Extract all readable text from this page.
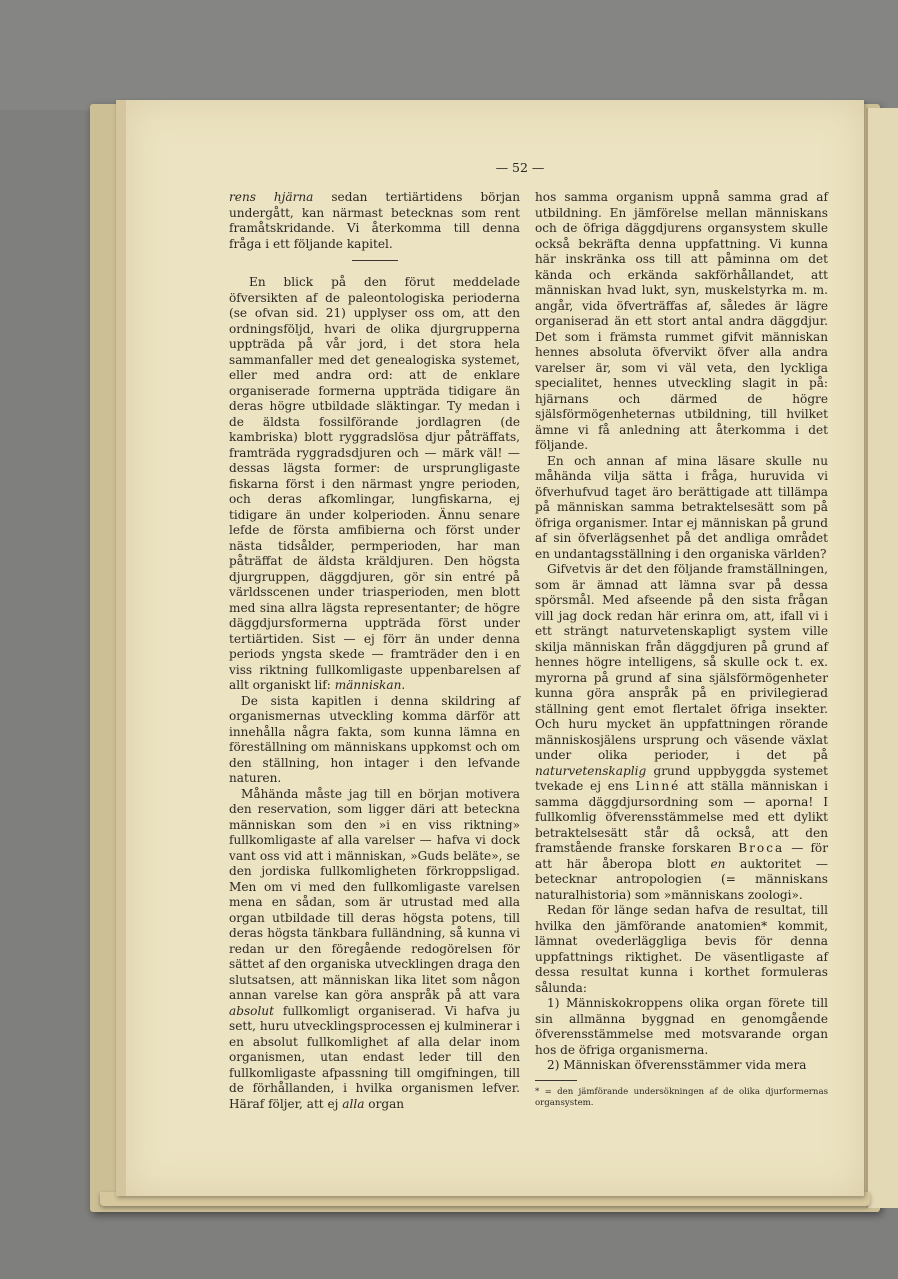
— 52 —

rens hjärna sedan tertiärtidens början undergått, kan närmast betecknas som rent framåtskridande. Vi återkomma till denna fråga i ett följande kapitel.

En blick på den förut meddelade öfversikten af de paleontologiska perioderna (se ofvan sid. 21) upplyser oss om, att den ordningsföljd, hvari de olika djurgrupperna uppträda på vår jord, i det stora hela sammanfaller med det genealogiska systemet, eller med andra ord: att de enklare organiserade formerna uppträda tidigare än deras högre utbildade släktingar. Ty medan i de äldsta fossilförande jordlagren (de kambriska) blott ryggradslösa djur påträffats, framträda ryggradsdjuren och — märk väl! — dessas lägsta former: de ursprungligaste fiskarna först i den närmast yngre perioden, och deras afkomlingar, lungfiskarna, ej tidigare än under kolperioden. Ännu senare lefde de första amfibierna och först under nästa tidsålder, permperioden, har man påträffat de äldsta kräldjuren. Den högsta djurgruppen, däggdjuren, gör sin entré på världsscenen under triasperioden, men blott med sina allra lägsta representanter; de högre däggdjursformerna uppträda först under tertiärtiden. Sist — ej förr än under denna periods yngsta skede — framträder den i en viss riktning fullkomligaste uppenbarelsen af allt organiskt lif: människan.

De sista kapitlen i denna skildring af organismernas utveckling komma därför att innehålla några fakta, som kunna lämna en föreställning om människans uppkomst och om den ställning, hon intager i den lefvande naturen.

Måhända måste jag till en början motivera den reservation, som ligger däri att beteckna människan som den »i en viss riktning» fullkomligaste af alla varelser — hafva vi dock vant oss vid att i människan, »Guds beläte», se den jordiska fullkomligheten förkroppsligad. Men om vi med den fullkomligaste varelsen mena en sådan, som är utrustad med alla organ utbildade till deras högsta potens, till deras högsta tänkbara fulländning, så kunna vi redan ur den föregående redogörelsen för sättet af den organiska utvecklingen draga den slutsatsen, att människan lika litet som någon annan varelse kan göra anspråk på att vara absolut fullkomligt organiserad. Vi hafva ju sett, huru utvecklingsprocessen ej kulminerar i en absolut fullkomlighet af alla delar inom organismen, utan endast leder till den fullkomligaste afpassning till omgifningen, till de förhållanden, i hvilka organismen lefver. Häraf följer, att ej alla organ

hos samma organism uppnå samma grad af utbildning. En jämförelse mellan människans och de öfriga däggdjurens organsystem skulle också bekräfta denna uppfattning. Vi kunna här inskränka oss till att påminna om det kända och erkända sakförhållandet, att människan hvad lukt, syn, muskelstyrka m. m. angår, vida öfverträffas af, således är lägre organiserad än ett stort antal andra däggdjur. Det som i främsta rummet gifvit människan hennes absoluta öfvervikt öfver alla andra varelser är, som vi väl veta, den lyckliga specialitet, hennes utveckling slagit in på: hjärnans och därmed de högre själsförmögenheternas utbildning, till hvilket ämne vi få anledning att återkomma i det följande.

En och annan af mina läsare skulle nu måhända vilja sätta i fråga, huruvida vi öfverhufvud taget äro berättigade att tillämpa på människan samma betraktelsesätt som på öfriga organismer. Intar ej människan på grund af sin öfverlägsenhet på det andliga området en undantagsställning i den organiska världen?

Gifvetvis är det den följande framställningen, som är ämnad att lämna svar på dessa spörsmål. Med afseende på den sista frågan vill jag dock redan här erinra om, att, ifall vi i ett strängt naturvetenskapligt system ville skilja människan från däggdjuren på grund af hennes högre intelligens, så skulle ock t. ex. myrorna på grund af sina själsförmögenheter kunna göra anspråk på en privilegierad ställning gent emot flertalet öfriga insekter. Och huru mycket än uppfattningen rörande människosjälens ursprung och väsende växlat under olika perioder, i det på naturvetenskaplig grund uppbyggda systemet tvekade ej ens Linné att ställa människan i samma däggdjursordning som — aporna! I fullkomlig öfverensstämmelse med ett dylikt betraktelsesätt står då också, att den framstående franske forskaren Broca — för att här åberopa blott en auktoritet — betecknar antropologien (= människans naturalhistoria) som »människans zoologi».

Redan för länge sedan hafva de resultat, till hvilka den jämförande anatomien* kommit, lämnat ovederläggliga bevis för denna uppfattnings riktighet. De väsentligaste af dessa resultat kunna i korthet formuleras sålunda:

1) Människokroppens olika organ förete till sin allmänna byggnad en genomgående öfverensstämmelse med motsvarande organ hos de öfriga organismerna.

2) Människan öfverensstämmer vida mera

* = den jämförande undersökningen af de olika djurformernas organsystem.
